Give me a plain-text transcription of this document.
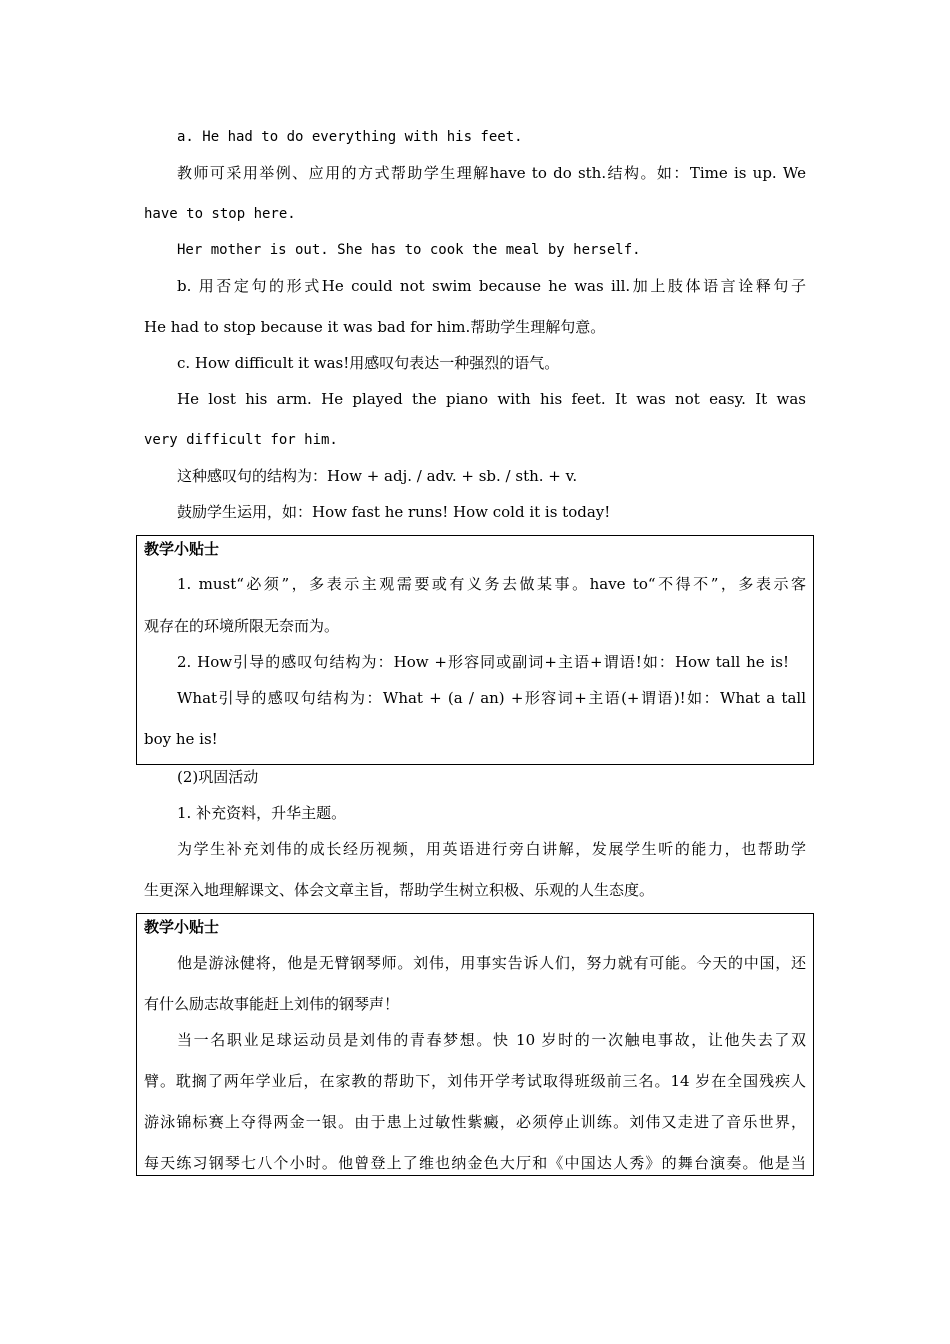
a. He had to do everything with his feet.
教师可采用举例、应用的方式帮助学生理解have to do sth.结构。如：Time is up. We
have to stop here.
Her mother is out. She has to cook the meal by herself.
b. 用否定句的形式He could not swim because he was ill.加上肢体语言诠释句子
He had to stop because it was bad for him.帮助学生理解句意。
c. How difficult it was!用感叹句表达一种强烈的语气。
He lost his arm. He played the piano with his feet. It was not easy. It was
very difficult for him.
这种感叹句的结构为：How + adj. / adv. + sb. / sth. + v.
鼓励学生运用，如：How fast he runs! How cold it is today!
教学小贴士
1. must“必须”，多表示主观需要或有义务去做某事。have to“不得不”，多表示客
观存在的环境所限无奈而为。
2. How引导的感叹句结构为：How +形容同或副词+主语+谓语!如：How tall he is!
What引导的感叹句结构为：What + (a / an) +形容词+主语(+谓语)!如：What a tall
boy he is!
(2)巩固活动
1. 补充资料，升华主题。
为学生补充刘伟的成长经历视频，用英语进行旁白讲解，发展学生听的能力，也帮助学
生更深入地理解课文、体会文章主旨，帮助学生树立积极、乐观的人生态度。
教学小贴士
他是游泳健将，他是无臂钢琴师。刘伟，用事实告诉人们，努力就有可能。今天的中国，还
有什么励志故事能赶上刘伟的钢琴声！
当一名职业足球运动员是刘伟的青春梦想。快 10 岁时的一次触电事故，让他失去了双
臂。耽搁了两年学业后，在家教的帮助下，刘伟开学考试取得班级前三名。14 岁在全国残疾人
游泳锦标赛上夺得两金一银。由于患上过敏性紫癜，必须停止训练。刘伟又走进了音乐世界，
每天练习钢琴七八个小时。他曾登上了维也纳金色大厅和《中国达人秀》的舞台演奏。他是当
